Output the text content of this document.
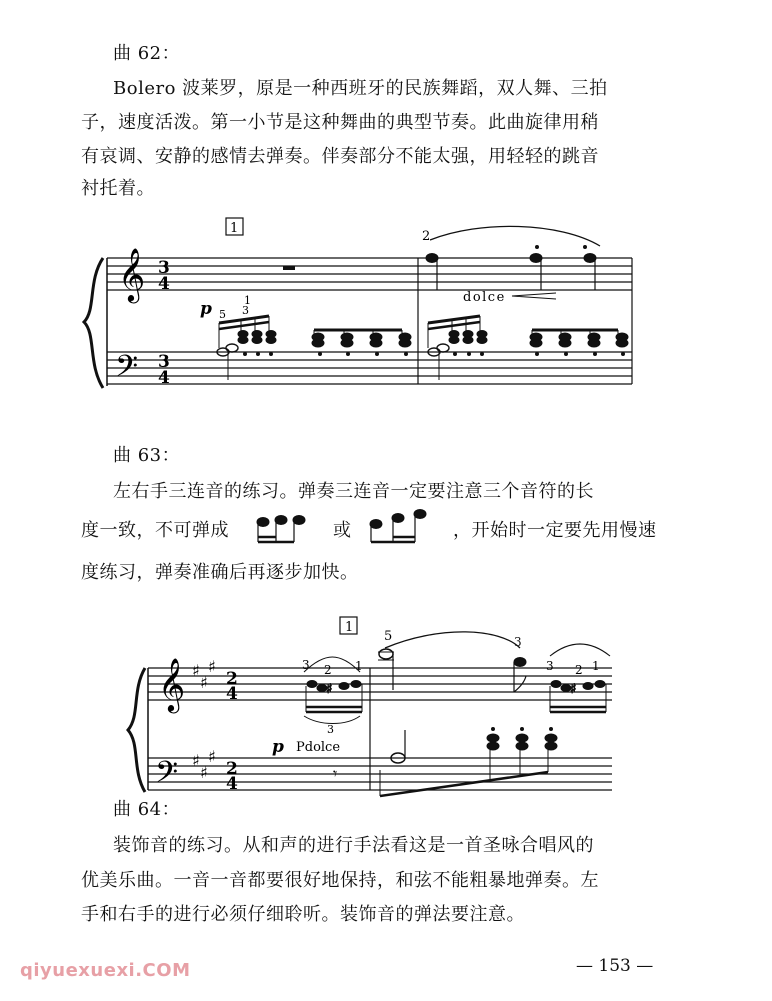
曲 62：
Bolero 波莱罗，原是一种西班牙的民族舞蹈，双人舞、三拍
子，速度活泼。第一小节是这种舞曲的典型节奏。此曲旋律用稍
有哀调、安静的感情去弹奏。伴奏部分不能太强，用轻轻的跳音
衬托着。
𝄞
𝄢
3
4
3
4
1
p 5 3
1
2
dolce
曲 63：
左右手三连音的练习。弹奏三连音一定要注意三个音符的长
度一致，不可弹成	或	，开始时一定要先用慢速
度练习，弹奏准确后再逐步加快。
𝄞
𝄢
♯
♯
♯
♯
♯
♯
2
4
2
4
1
3 2 1
♯
3
p Pdolce
𝄾
5	3
3 2 1
♯
曲 64：
装饰音的练习。从和声的进行手法看这是一首圣咏合唱风的
优美乐曲。一音一音都要很好地保持，和弦不能粗暴地弹奏。左
手和右手的进行必须仔细聆听。装饰音的弹法要注意。
qiyuexuexi.COM	— 153 —
